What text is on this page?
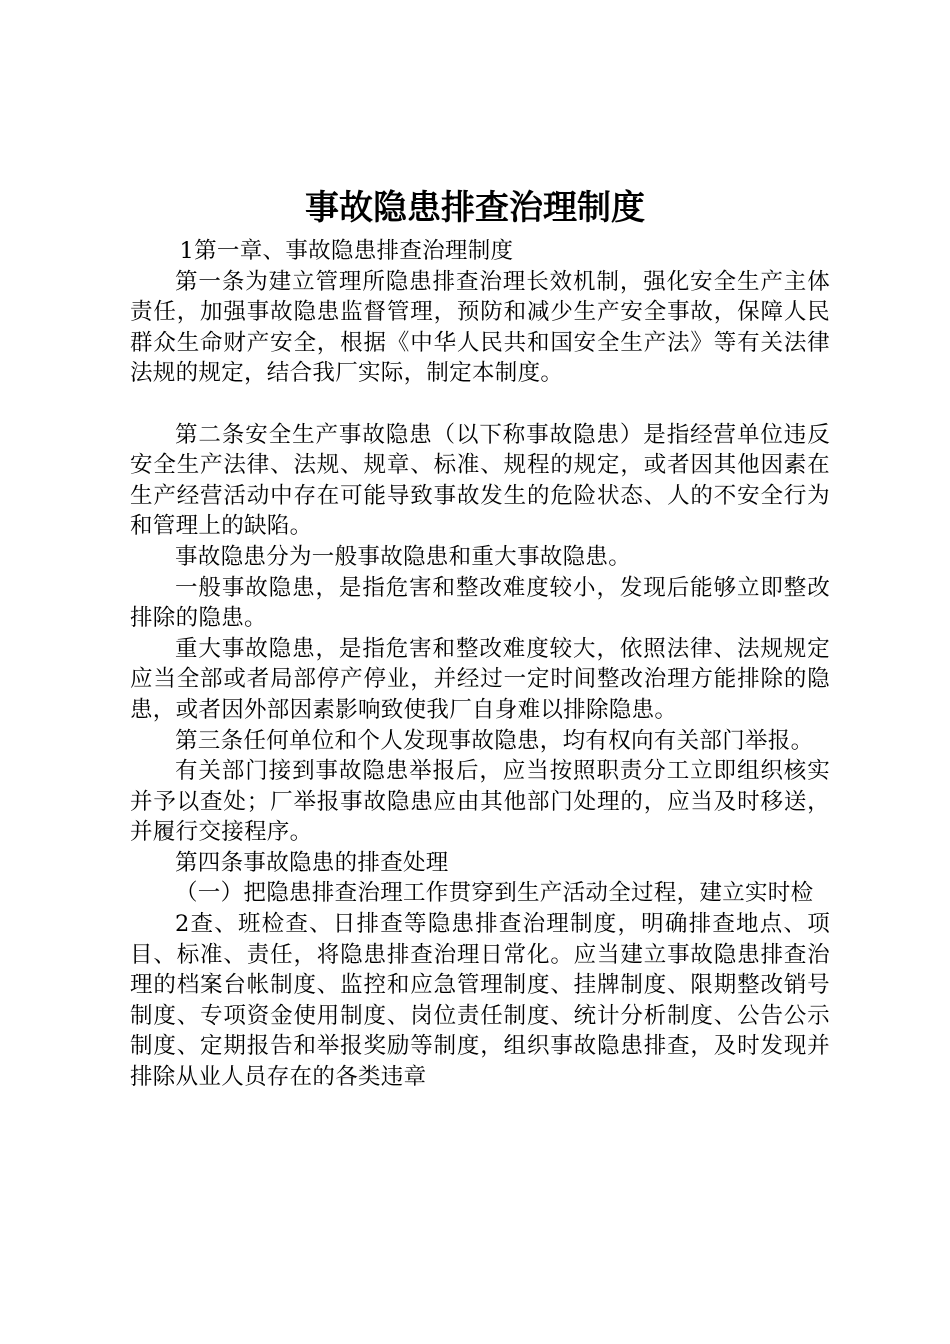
事故隐患排查治理制度

1第一章、事故隐患排查治理制度

第一条为建立管理所隐患排查治理长效机制，强化安全生产主体责任，加强事故隐患监督管理，预防和减少生产安全事故，保障人民群众生命财产安全，根据《中华人民共和国安全生产法》等有关法律法规的规定，结合我厂实际，制定本制度。

第二条安全生产事故隐患（以下称事故隐患）是指经营单位违反安全生产法律、法规、规章、标准、规程的规定，或者因其他因素在生产经营活动中存在可能导致事故发生的危险状态、人的不安全行为和管理上的缺陷。

事故隐患分为一般事故隐患和重大事故隐患。

一般事故隐患，是指危害和整改难度较小，发现后能够立即整改排除的隐患。

重大事故隐患，是指危害和整改难度较大，依照法律、法规规定应当全部或者局部停产停业，并经过一定时间整改治理方能排除的隐患，或者因外部因素影响致使我厂自身难以排除隐患。

第三条任何单位和个人发现事故隐患，均有权向有关部门举报。

有关部门接到事故隐患举报后，应当按照职责分工立即组织核实并予以查处；厂举报事故隐患应由其他部门处理的，应当及时移送，并履行交接程序。

第四条事故隐患的排查处理

（一）把隐患排查治理工作贯穿到生产活动全过程，建立实时检

2查、班检查、日排查等隐患排查治理制度，明确排查地点、项目、标准、责任，将隐患排查治理日常化。应当建立事故隐患排查治理的档案台帐制度、监控和应急管理制度、挂牌制度、限期整改销号制度、专项资金使用制度、岗位责任制度、统计分析制度、公告公示制度、定期报告和举报奖励等制度，组织事故隐患排查，及时发现并排除从业人员存在的各类违章
